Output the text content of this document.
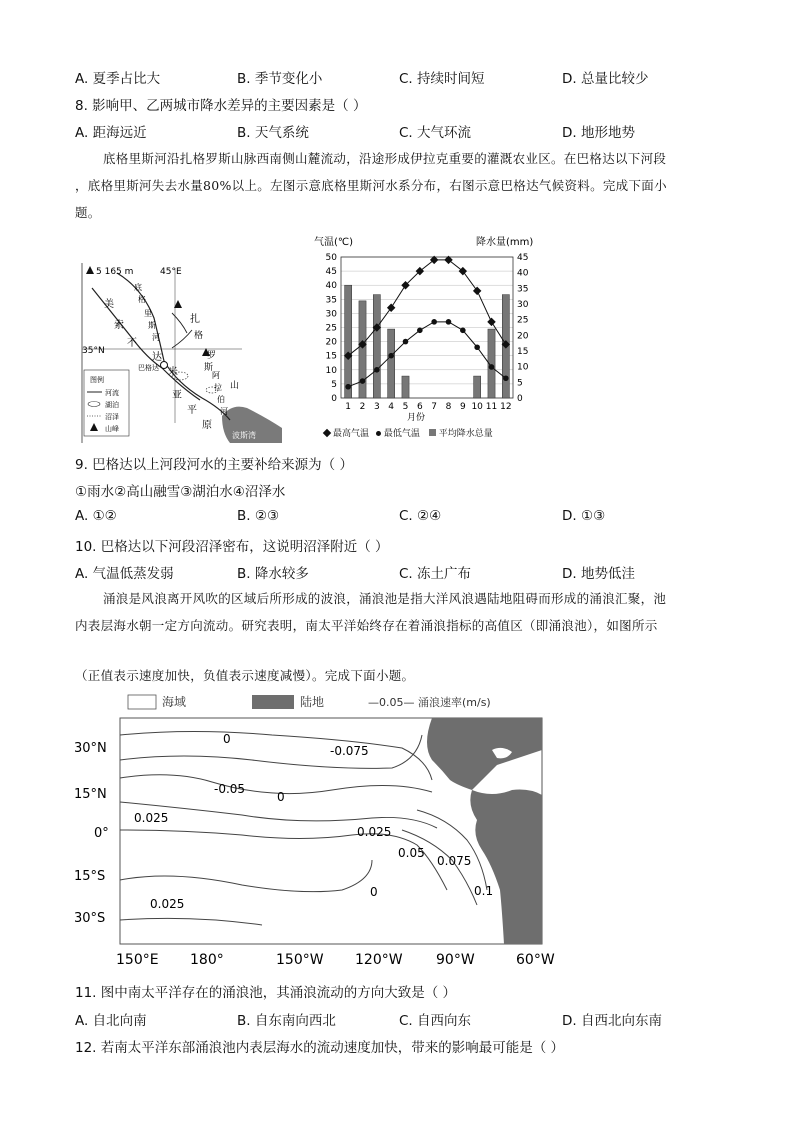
A. 夏季占比大	B. 季节变化小	C. 持续时间短	D. 总量比较少
8. 影响甲、乙两城市降水差异的主要因素是（ ）
A. 距海远近	B. 天气系统	C. 大气环流	D. 地形地势

底格里斯河沿扎格罗斯山脉西南侧山麓流动，沿途形成伊拉克重要的灌溉农业区。在巴格达以下河段

，底格里斯河失去水量80%以上。左图示意底格里斯河水系分布，右图示意巴格达气候资料。完成下面小

题。

5 165 m	45°E
35°N
巴格达
美
索
不
达
米
亚
平
原
底
格
里
斯
河
阿
拉
伯
河
扎
格
罗
斯
山
波斯湾
图例
河流
湖泊
沼泽
山峰
气温(℃)	降水量(mm)
0
5
10
15
20
25
30
35
40
45
50
0
5
10
15
20
25
30
35
40
45
1 2 3 4 5 6 7 8 9 10 11 12
月份
最高气温 最低气温 平均降水总量
9. 巴格达以上河段河水的主要补给来源为（ ）
①雨水②高山融雪③湖泊水④沼泽水
A. ①②	B. ②③	C. ②④	D. ①③
10. 巴格达以下河段沼泽密布，这说明沼泽附近（ ）
A. 气温低蒸发弱	B. 降水较多	C. 冻土广布	D. 地势低洼

涌浪是风浪离开风吹的区域后所形成的波浪，涌浪池是指大洋风浪遇陆地阻碍而形成的涌浪汇聚，池

内表层海水朝一定方向流动。研究表明，南太平洋始终存在着涌浪指标的高值区（即涌浪池），如图所示

（正值表示速度加快，负值表示速度减慢）。完成下面小题。

海域	陆地	—0.05— 涌浪速率(m/s)
0
-0.075
-0.05
0
0.025
0.025
0.05
0.075
0.1
0
0.025
30°N
15°N
0°
15°S
30°S
150°E 180°	150°W 120°W 90°W	60°W
11. 图中南太平洋存在的涌浪池，其涌浪流动的方向大致是（ ）
A. 自北向南	B. 自东南向西北	C. 自西向东	D. 自西北向东南
12. 若南太平洋东部涌浪池内表层海水的流动速度加快，带来的影响最可能是（ ）
